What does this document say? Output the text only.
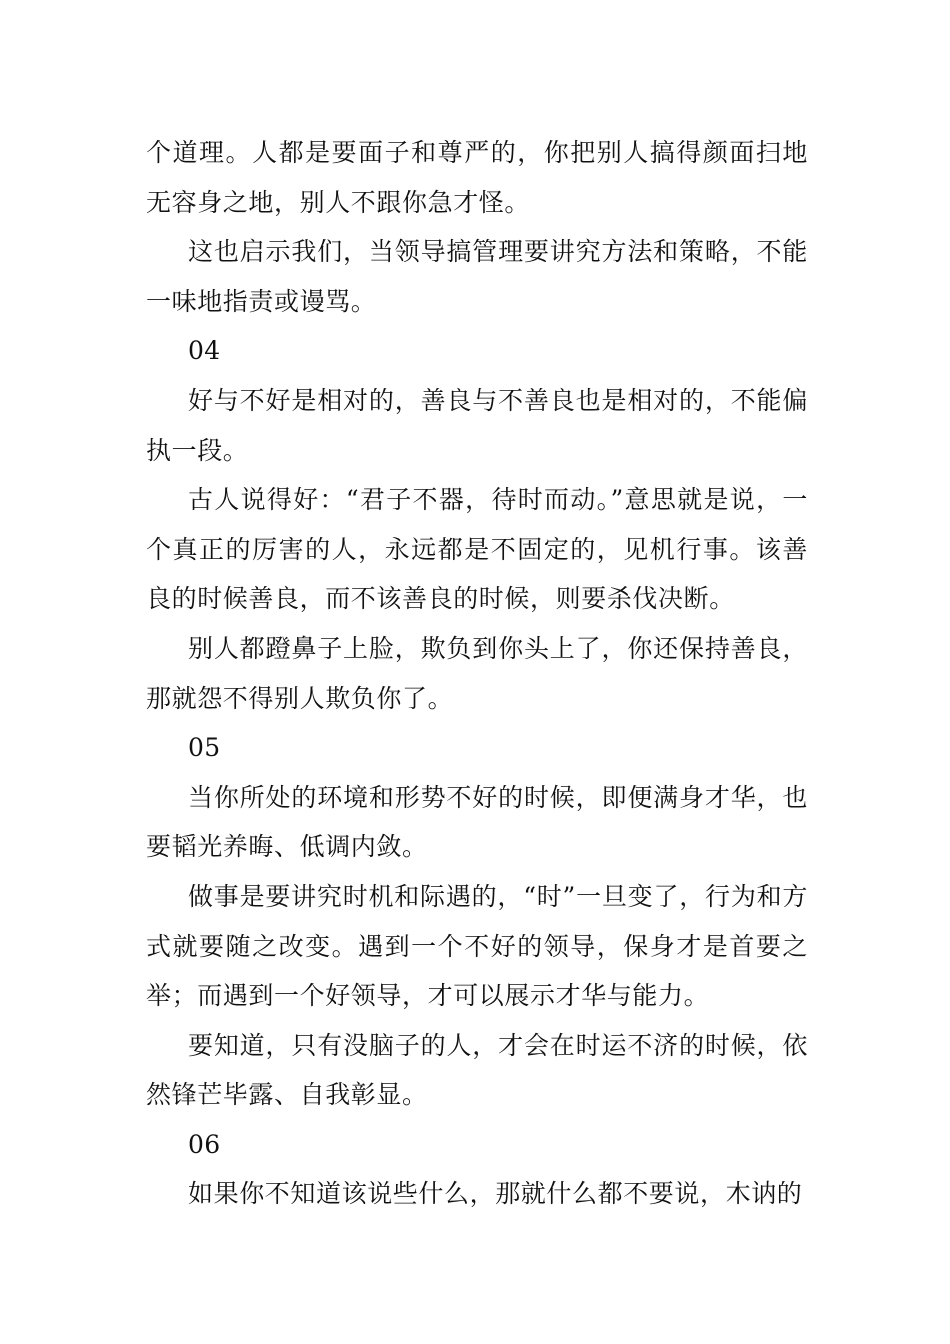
个道理。人都是要面子和尊严的，你把别人搞得颜面扫地无容身之地，别人不跟你急才怪。

这也启示我们，当领导搞管理要讲究方法和策略，不能一味地指责或谩骂。

04

好与不好是相对的，善良与不善良也是相对的，不能偏执一段。

古人说得好：“君子不器，待时而动。”意思就是说，一个真正的厉害的人，永远都是不固定的，见机行事。该善良的时候善良，而不该善良的时候，则要杀伐决断。

别人都蹬鼻子上脸，欺负到你头上了，你还保持善良，那就怨不得别人欺负你了。

05

当你所处的环境和形势不好的时候，即便满身才华，也要韬光养晦、低调内敛。

做事是要讲究时机和际遇的，“时”一旦变了，行为和方式就要随之改变。遇到一个不好的领导，保身才是首要之举；而遇到一个好领导，才可以展示才华与能力。

要知道，只有没脑子的人，才会在时运不济的时候，依然锋芒毕露、自我彰显。

06

如果你不知道该说些什么，那就什么都不要说，木讷的
